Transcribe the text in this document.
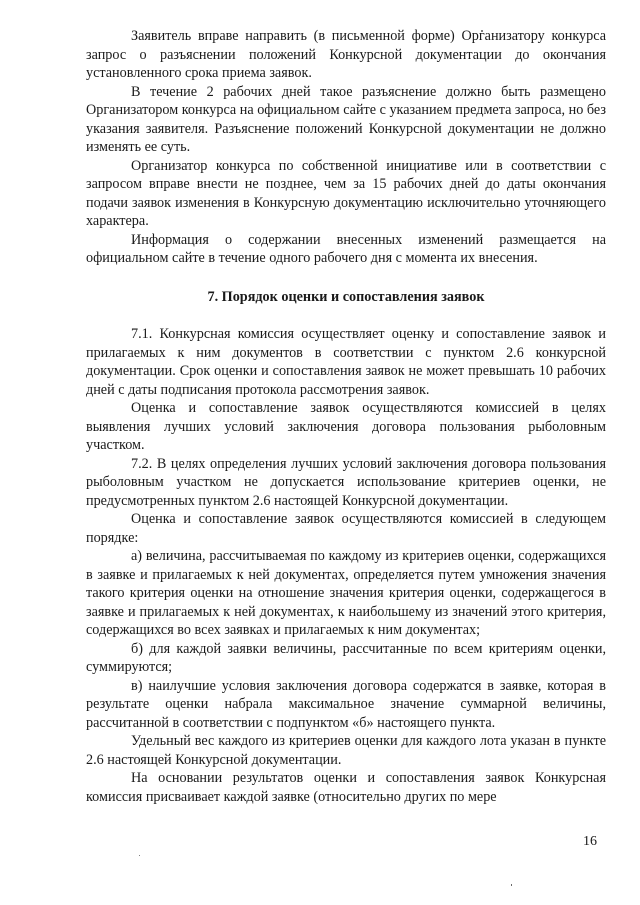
Заявитель вправе направить (в письменной форме) Организатору конкурса запрос о разъяснении положений Конкурсной документации до окончания установленного срока приема заявок.

В течение 2 рабочих дней такое разъяснение должно быть размещено Организатором конкурса на официальном сайте с указанием предмета запроса, но без указания заявителя. Разъяснение положений Конкурсной документации не должно изменять ее суть.

Организатор конкурса по собственной инициативе или в соответствии с запросом вправе внести не позднее, чем за 15 рабочих дней до даты окончания подачи заявок изменения в Конкурсную документацию исключительно уточняющего характера.

Информация о содержании внесенных изменений размещается на официальном сайте в течение одного рабочего дня с момента их внесения.

7. Порядок оценки и сопоставления заявок

7.1. Конкурсная комиссия осуществляет оценку и сопоставление заявок и прилагаемых к ним документов в соответствии с пунктом 2.6 конкурсной документации. Срок оценки и сопоставления заявок не может превышать 10 рабочих дней с даты подписания протокола рассмотрения заявок.

Оценка и сопоставление заявок осуществляются комиссией в целях выявления лучших условий заключения договора пользования рыболовным участком.

7.2. В целях определения лучших условий заключения договора пользования рыболовным участком не допускается использование критериев оценки, не предусмотренных пунктом 2.6 настоящей Конкурсной документации.

Оценка и сопоставление заявок осуществляются комиссией в следующем порядке:

а) величина, рассчитываемая по каждому из критериев оценки, содержащихся в заявке и прилагаемых к ней документах, определяется путем умножения значения такого критерия оценки на отношение значения критерия оценки, содержащегося в заявке и прилагаемых к ней документах, к наибольшему из значений этого критерия, содержащихся во всех заявках и прилагаемых к ним документах;

б) для каждой заявки величины, рассчитанные по всем критериям оценки, суммируются;

в) наилучшие условия заключения договора содержатся в заявке, которая в результате оценки набрала максимальное значение суммарной величины, рассчитанной в соответствии с подпунктом «б» настоящего пункта.

Удельный вес каждого из критериев оценки для каждого лота указан в пункте 2.6 настоящей Конкурсной документации.

На основании результатов оценки и сопоставления заявок Конкурсная комиссия присваивает каждой заявке (относительно других по мере

16
